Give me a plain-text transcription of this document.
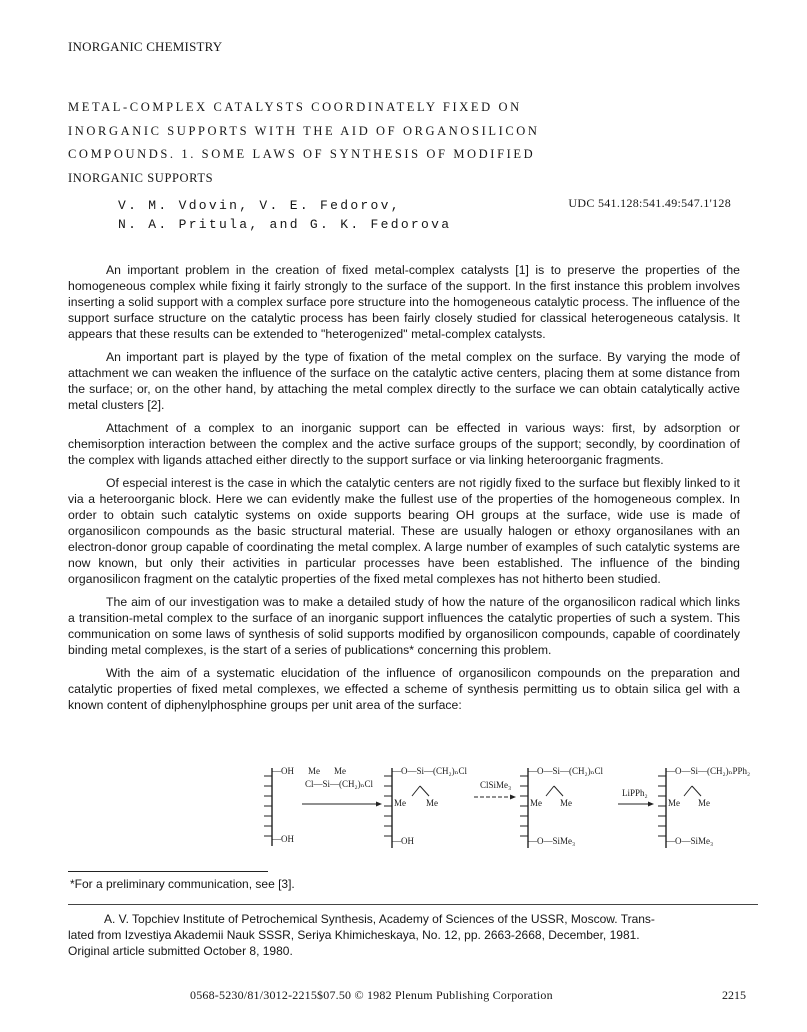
INORGANIC CHEMISTRY
METAL-COMPLEX CATALYSTS COORDINATELY FIXED ON
INORGANIC SUPPORTS WITH THE AID OF ORGANOSILICON
COMPOUNDS. 1. SOME LAWS OF SYNTHESIS OF MODIFIED
INORGANIC SUPPORTS
V. M. Vdovin, V. E. Fedorov,
N. A. Pritula, and G. K. Fedorova
UDC 541.128:541.49:547.1'128

An important problem in the creation of fixed metal-complex catalysts [1] is to preserve the properties of the homogeneous complex while fixing it fairly strongly to the surface of the support. In the first instance this problem involves inserting a solid support with a complex surface pore structure into the homogeneous catalytic process. The influence of the support surface structure on the catalytic process has been fairly closely studied for classical heterogeneous catalysis. It appears that these results can be extended to "heterogenized" metal-complex catalysts.

An important part is played by the type of fixation of the metal complex on the surface. By varying the mode of attachment we can weaken the influence of the surface on the catalytic active centers, placing them at some distance from the surface; or, on the other hand, by attaching the metal complex directly to the surface we can obtain catalytically active metal clusters [2].

Attachment of a complex to an inorganic support can be effected in various ways: first, by adsorption or chemisorption interaction between the complex and the active surface groups of the support; secondly, by coordination of the complex with ligands attached either directly to the support surface or via linking heteroorganic fragments.

Of especial interest is the case in which the catalytic centers are not rigidly fixed to the surface but flexibly linked to it via a heteroorganic block. Here we can evidently make the fullest use of the properties of the homogeneous complex. In order to obtain such catalytic systems on oxide supports bearing OH groups at the surface, wide use is made of organosilicon compounds as the basic structural material. These are usually halogen or ethoxy organosilanes with an electron-donor group capable of coordinating the metal complex. A large number of examples of such catalytic systems are now known, but only their activities in particular processes have been established. The influence of the binding organosilicon fragment on the catalytic properties of the fixed metal complexes has not hitherto been studied.

The aim of our investigation was to make a detailed study of how the nature of the organosilicon radical which links a transition-metal complex to the surface of an inorganic support influences the catalytic properties of such a system. This communication on some laws of synthesis of solid supports modified by organosilicon compounds, capable of coordinately binding metal complexes, is the start of a series of publications* concerning this problem.

With the aim of a systematic elucidation of the influence of organosilicon compounds on the preparation and catalytic properties of fixed metal complexes, we effected a scheme of synthesis permitting us to obtain silica gel with a known content of diphenylphosphine groups per unit area of the surface:

—OH
—OH
Me Me
Cl—Si—(CH₂)ₙCl
—O—Si—(CH₂)ₙCl
Me Me
—OH
ClSiMe₃
—O—Si—(CH₂)ₙCl
Me Me
—O—SiMe₃
LiPPh₂
—O—Si—(CH₂)ₙPPh₂
Me Me
—O—SiMe₃
*For a preliminary communication, see [3].
A. V. Topchiev Institute of Petrochemical Synthesis, Academy of Sciences of the USSR, Moscow. Trans-
lated from Izvestiya Akademii Nauk SSSR, Seriya Khimicheskaya, No. 12, pp. 2663-2668, December, 1981.
Original article submitted October 8, 1980.
0568-5230/81/3012-2215$07.50 © 1982 Plenum Publishing Corporation	2215
